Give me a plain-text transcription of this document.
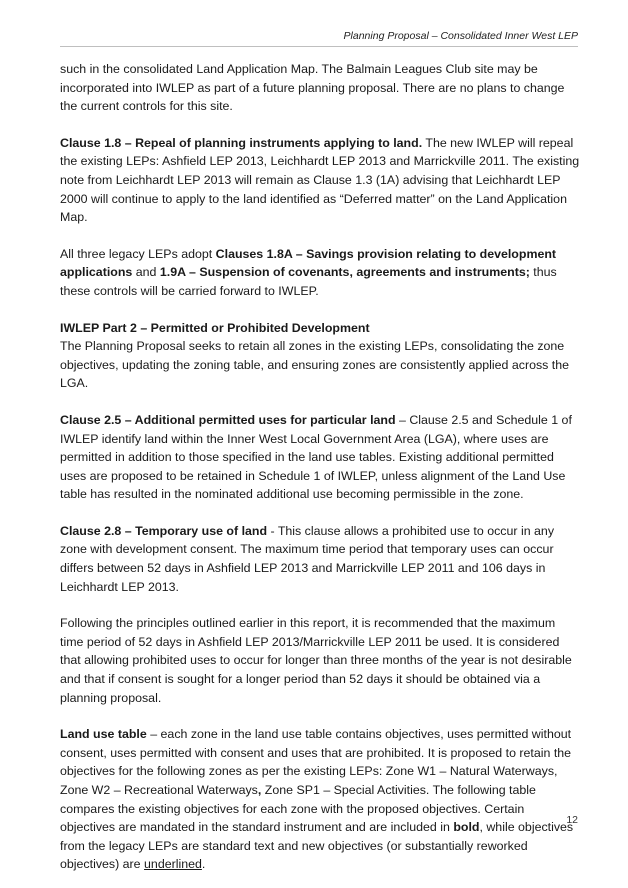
Planning Proposal – Consolidated Inner West LEP

such in the consolidated Land Application Map. The Balmain Leagues Club site may be incorporated into IWLEP as part of a future planning proposal. There are no plans to change the current controls for this site.

Clause 1.8 – Repeal of planning instruments applying to land. The new IWLEP will repeal the existing LEPs: Ashfield LEP 2013, Leichhardt LEP 2013 and Marrickville 2011. The existing note from Leichhardt LEP 2013 will remain as Clause 1.3 (1A) advising that Leichhardt LEP 2000 will continue to apply to the land identified as “Deferred matter” on the Land Application Map.

All three legacy LEPs adopt Clauses 1.8A – Savings provision relating to development applications and 1.9A – Suspension of covenants, agreements and instruments; thus these controls will be carried forward to IWLEP.

IWLEP Part 2 – Permitted or Prohibited Development
The Planning Proposal seeks to retain all zones in the existing LEPs, consolidating the zone objectives, updating the zoning table, and ensuring zones are consistently applied across the LGA.

Clause 2.5 – Additional permitted uses for particular land – Clause 2.5 and Schedule 1 of IWLEP identify land within the Inner West Local Government Area (LGA), where uses are permitted in addition to those specified in the land use tables. Existing additional permitted uses are proposed to be retained in Schedule 1 of IWLEP, unless alignment of the Land Use table has resulted in the nominated additional use becoming permissible in the zone.

Clause 2.8 – Temporary use of land - This clause allows a prohibited use to occur in any zone with development consent. The maximum time period that temporary uses can occur differs between 52 days in Ashfield LEP 2013 and Marrickville LEP 2011 and 106 days in Leichhardt LEP 2013.

Following the principles outlined earlier in this report, it is recommended that the maximum time period of 52 days in Ashfield LEP 2013/Marrickville LEP 2011 be used. It is considered that allowing prohibited uses to occur for longer than three months of the year is not desirable and that if consent is sought for a longer period than 52 days it should be obtained via a planning proposal.

Land use table – each zone in the land use table contains objectives, uses permitted without consent, uses permitted with consent and uses that are prohibited. It is proposed to retain the objectives for the following zones as per the existing LEPs: Zone W1 – Natural Waterways, Zone W2 – Recreational Waterways, Zone SP1 – Special Activities. The following table compares the existing objectives for each zone with the proposed objectives. Certain objectives are mandated in the standard instrument and are included in bold, while objectives from the legacy LEPs are standard text and new objectives (or substantially reworked objectives) are underlined.

12
